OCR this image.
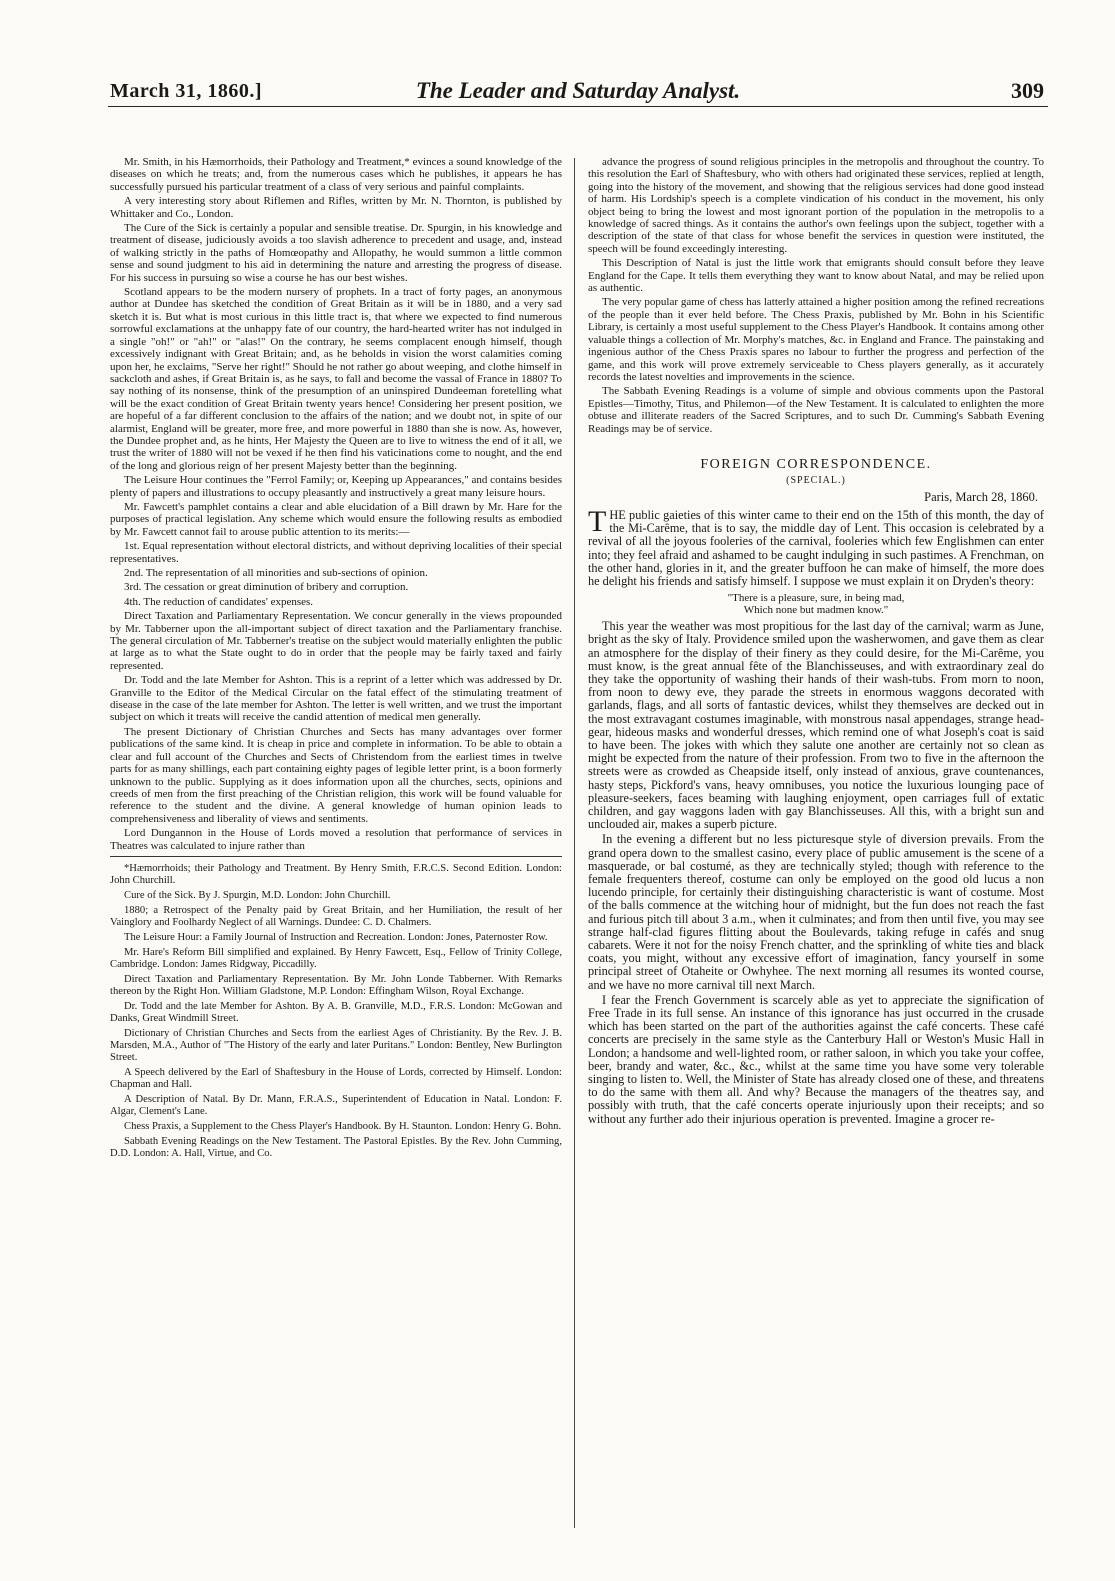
March 31, 1860.]	The Leader and Saturday Analyst.	309

Mr. Smith, in his Hæmorrhoids, their Pathology and Treatment,* evinces a sound knowledge of the diseases on which he treats; and, from the numerous cases which he publishes, it appears he has successfully pursued his particular treatment of a class of very serious and painful complaints.

A very interesting story about Riflemen and Rifles, written by Mr. N. Thornton, is published by Whittaker and Co., London.

The Cure of the Sick is certainly a popular and sensible treatise. Dr. Spurgin, in his knowledge and treatment of disease, judiciously avoids a too slavish adherence to precedent and usage, and, instead of walking strictly in the paths of Homœopathy and Allopathy, he would summon a little common sense and sound judgment to his aid in determining the nature and arresting the progress of disease. For his success in pursuing so wise a course he has our best wishes.

Scotland appears to be the modern nursery of prophets. In a tract of forty pages, an anonymous author at Dundee has sketched the condition of Great Britain as it will be in 1880, and a very sad sketch it is. But what is most curious in this little tract is, that where we expected to find numerous sorrowful exclamations at the unhappy fate of our country, the hard-hearted writer has not indulged in a single "oh!" or "ah!" or "alas!" On the contrary, he seems complacent enough himself, though excessively indignant with Great Britain; and, as he beholds in vision the worst calamities coming upon her, he exclaims, "Serve her right!" Should he not rather go about weeping, and clothe himself in sackcloth and ashes, if Great Britain is, as he says, to fall and become the vassal of France in 1880? To say nothing of its nonsense, think of the presumption of an uninspired Dundeeman foretelling what will be the exact condition of Great Britain twenty years hence! Considering her present position, we are hopeful of a far different conclusion to the affairs of the nation; and we doubt not, in spite of our alarmist, England will be greater, more free, and more powerful in 1880 than she is now. As, however, the Dundee prophet and, as he hints, Her Majesty the Queen are to live to witness the end of it all, we trust the writer of 1880 will not be vexed if he then find his vaticinations come to nought, and the end of the long and glorious reign of her present Majesty better than the beginning.

The Leisure Hour continues the "Ferrol Family; or, Keeping up Appearances," and contains besides plenty of papers and illustrations to occupy pleasantly and instructively a great many leisure hours.

Mr. Fawcett's pamphlet contains a clear and able elucidation of a Bill drawn by Mr. Hare for the purposes of practical legislation. Any scheme which would ensure the following results as embodied by Mr. Fawcett cannot fail to arouse public attention to its merits:—

1st. Equal representation without electoral districts, and without depriving localities of their special representatives.

2nd. The representation of all minorities and sub-sections of opinion.

3rd. The cessation or great diminution of bribery and corruption.

4th. The reduction of candidates' expenses.

Direct Taxation and Parliamentary Representation. We concur generally in the views propounded by Mr. Tabberner upon the all-important subject of direct taxation and the Parliamentary franchise. The general circulation of Mr. Tabberner's treatise on the subject would materially enlighten the public at large as to what the State ought to do in order that the people may be fairly taxed and fairly represented.

Dr. Todd and the late Member for Ashton. This is a reprint of a letter which was addressed by Dr. Granville to the Editor of the Medical Circular on the fatal effect of the stimulating treatment of disease in the case of the late member for Ashton. The letter is well written, and we trust the important subject on which it treats will receive the candid attention of medical men generally.

The present Dictionary of Christian Churches and Sects has many advantages over former publications of the same kind. It is cheap in price and complete in information. To be able to obtain a clear and full account of the Churches and Sects of Christendom from the earliest times in twelve parts for as many shillings, each part containing eighty pages of legible letter print, is a boon formerly unknown to the public. Supplying as it does information upon all the churches, sects, opinions and creeds of men from the first preaching of the Christian religion, this work will be found valuable for reference to the student and the divine. A general knowledge of human opinion leads to comprehensiveness and liberality of views and sentiments.

Lord Dungannon in the House of Lords moved a resolution that performance of services in Theatres was calculated to injure rather than

*Hæmorrhoids; their Pathology and Treatment. By Henry Smith, F.R.C.S. Second Edition. London: John Churchill.

Cure of the Sick. By J. Spurgin, M.D. London: John Churchill.

1880; a Retrospect of the Penalty paid by Great Britain, and her Humiliation, the result of her Vainglory and Foolhardy Neglect of all Warnings. Dundee: C. D. Chalmers.

The Leisure Hour: a Family Journal of Instruction and Recreation. London: Jones, Paternoster Row.

Mr. Hare's Reform Bill simplified and explained. By Henry Fawcett, Esq., Fellow of Trinity College, Cambridge. London: James Ridgway, Piccadilly.

Direct Taxation and Parliamentary Representation. By Mr. John Londe Tabberner. With Remarks thereon by the Right Hon. William Gladstone, M.P. London: Effingham Wilson, Royal Exchange.

Dr. Todd and the late Member for Ashton. By A. B. Granville, M.D., F.R.S. London: McGowan and Danks, Great Windmill Street.

Dictionary of Christian Churches and Sects from the earliest Ages of Christianity. By the Rev. J. B. Marsden, M.A., Author of "The History of the early and later Puritans." London: Bentley, New Burlington Street.

A Speech delivered by the Earl of Shaftesbury in the House of Lords, corrected by Himself. London: Chapman and Hall.

A Description of Natal. By Dr. Mann, F.R.A.S., Superintendent of Education in Natal. London: F. Algar, Clement's Lane.

Chess Praxis, a Supplement to the Chess Player's Handbook. By H. Staunton. London: Henry G. Bohn.

Sabbath Evening Readings on the New Testament. The Pastoral Epistles. By the Rev. John Cumming, D.D. London: A. Hall, Virtue, and Co.

advance the progress of sound religious principles in the metropolis and throughout the country. To this resolution the Earl of Shaftesbury, who with others had originated these services, replied at length, going into the history of the movement, and showing that the religious services had done good instead of harm. His Lordship's speech is a complete vindication of his conduct in the movement, his only object being to bring the lowest and most ignorant portion of the population in the metropolis to a knowledge of sacred things. As it contains the author's own feelings upon the subject, together with a description of the state of that class for whose benefit the services in question were instituted, the speech will be found exceedingly interesting.

This Description of Natal is just the little work that emigrants should consult before they leave England for the Cape. It tells them everything they want to know about Natal, and may be relied upon as authentic.

The very popular game of chess has latterly attained a higher position among the refined recreations of the people than it ever held before. The Chess Praxis, published by Mr. Bohn in his Scientific Library, is certainly a most useful supplement to the Chess Player's Handbook. It contains among other valuable things a collection of Mr. Morphy's matches, &c. in England and France. The painstaking and ingenious author of the Chess Praxis spares no labour to further the progress and perfection of the game, and this work will prove extremely serviceable to Chess players generally, as it accurately records the latest novelties and improvements in the science.

The Sabbath Evening Readings is a volume of simple and obvious comments upon the Pastoral Epistles—Timothy, Titus, and Philemon—of the New Testament. It is calculated to enlighten the more obtuse and illiterate readers of the Sacred Scriptures, and to such Dr. Cumming's Sabbath Evening Readings may be of service.

FOREIGN CORRESPONDENCE.
(SPECIAL.)
Paris, March 28, 1860.

THE public gaieties of this winter came to their end on the 15th of this month, the day of the Mi-Carême, that is to say, the middle day of Lent. This occasion is celebrated by a revival of all the joyous fooleries of the carnival, fooleries which few Englishmen can enter into; they feel afraid and ashamed to be caught indulging in such pastimes. A Frenchman, on the other hand, glories in it, and the greater buffoon he can make of himself, the more does he delight his friends and satisfy himself. I suppose we must explain it on Dryden's theory:

"There is a pleasure, sure, in being mad,
Which none but madmen know."

This year the weather was most propitious for the last day of the carnival; warm as June, bright as the sky of Italy. Providence smiled upon the washerwomen, and gave them as clear an atmosphere for the display of their finery as they could desire, for the Mi-Carême, you must know, is the great annual fête of the Blanchisseuses, and with extraordinary zeal do they take the opportunity of washing their hands of their wash-tubs. From morn to noon, from noon to dewy eve, they parade the streets in enormous waggons decorated with garlands, flags, and all sorts of fantastic devices, whilst they themselves are decked out in the most extravagant costumes imaginable, with monstrous nasal appendages, strange head-gear, hideous masks and wonderful dresses, which remind one of what Joseph's coat is said to have been. The jokes with which they salute one another are certainly not so clean as might be expected from the nature of their profession. From two to five in the afternoon the streets were as crowded as Cheapside itself, only instead of anxious, grave countenances, hasty steps, Pickford's vans, heavy omnibuses, you notice the luxurious lounging pace of pleasure-seekers, faces beaming with laughing enjoyment, open carriages full of extatic children, and gay waggons laden with gay Blanchisseuses. All this, with a bright sun and unclouded air, makes a superb picture.

In the evening a different but no less picturesque style of diversion prevails. From the grand opera down to the smallest casino, every place of public amusement is the scene of a masquerade, or bal costumé, as they are technically styled; though with reference to the female frequenters thereof, costume can only be employed on the good old lucus a non lucendo principle, for certainly their distinguishing characteristic is want of costume. Most of the balls commence at the witching hour of midnight, but the fun does not reach the fast and furious pitch till about 3 a.m., when it culminates; and from then until five, you may see strange half-clad figures flitting about the Boulevards, taking refuge in cafés and snug cabarets. Were it not for the noisy French chatter, and the sprinkling of white ties and black coats, you might, without any excessive effort of imagination, fancy yourself in some principal street of Otaheite or Owhyhee. The next morning all resumes its wonted course, and we have no more carnival till next March.

I fear the French Government is scarcely able as yet to appreciate the signification of Free Trade in its full sense. An instance of this ignorance has just occurred in the crusade which has been started on the part of the authorities against the café concerts. These café concerts are precisely in the same style as the Canterbury Hall or Weston's Music Hall in London; a handsome and well-lighted room, or rather saloon, in which you take your coffee, beer, brandy and water, &c., &c., whilst at the same time you have some very tolerable singing to listen to. Well, the Minister of State has already closed one of these, and threatens to do the same with them all. And why? Because the managers of the theatres say, and possibly with truth, that the café concerts operate injuriously upon their receipts; and so without any further ado their injurious operation is prevented. Imagine a grocer re-
